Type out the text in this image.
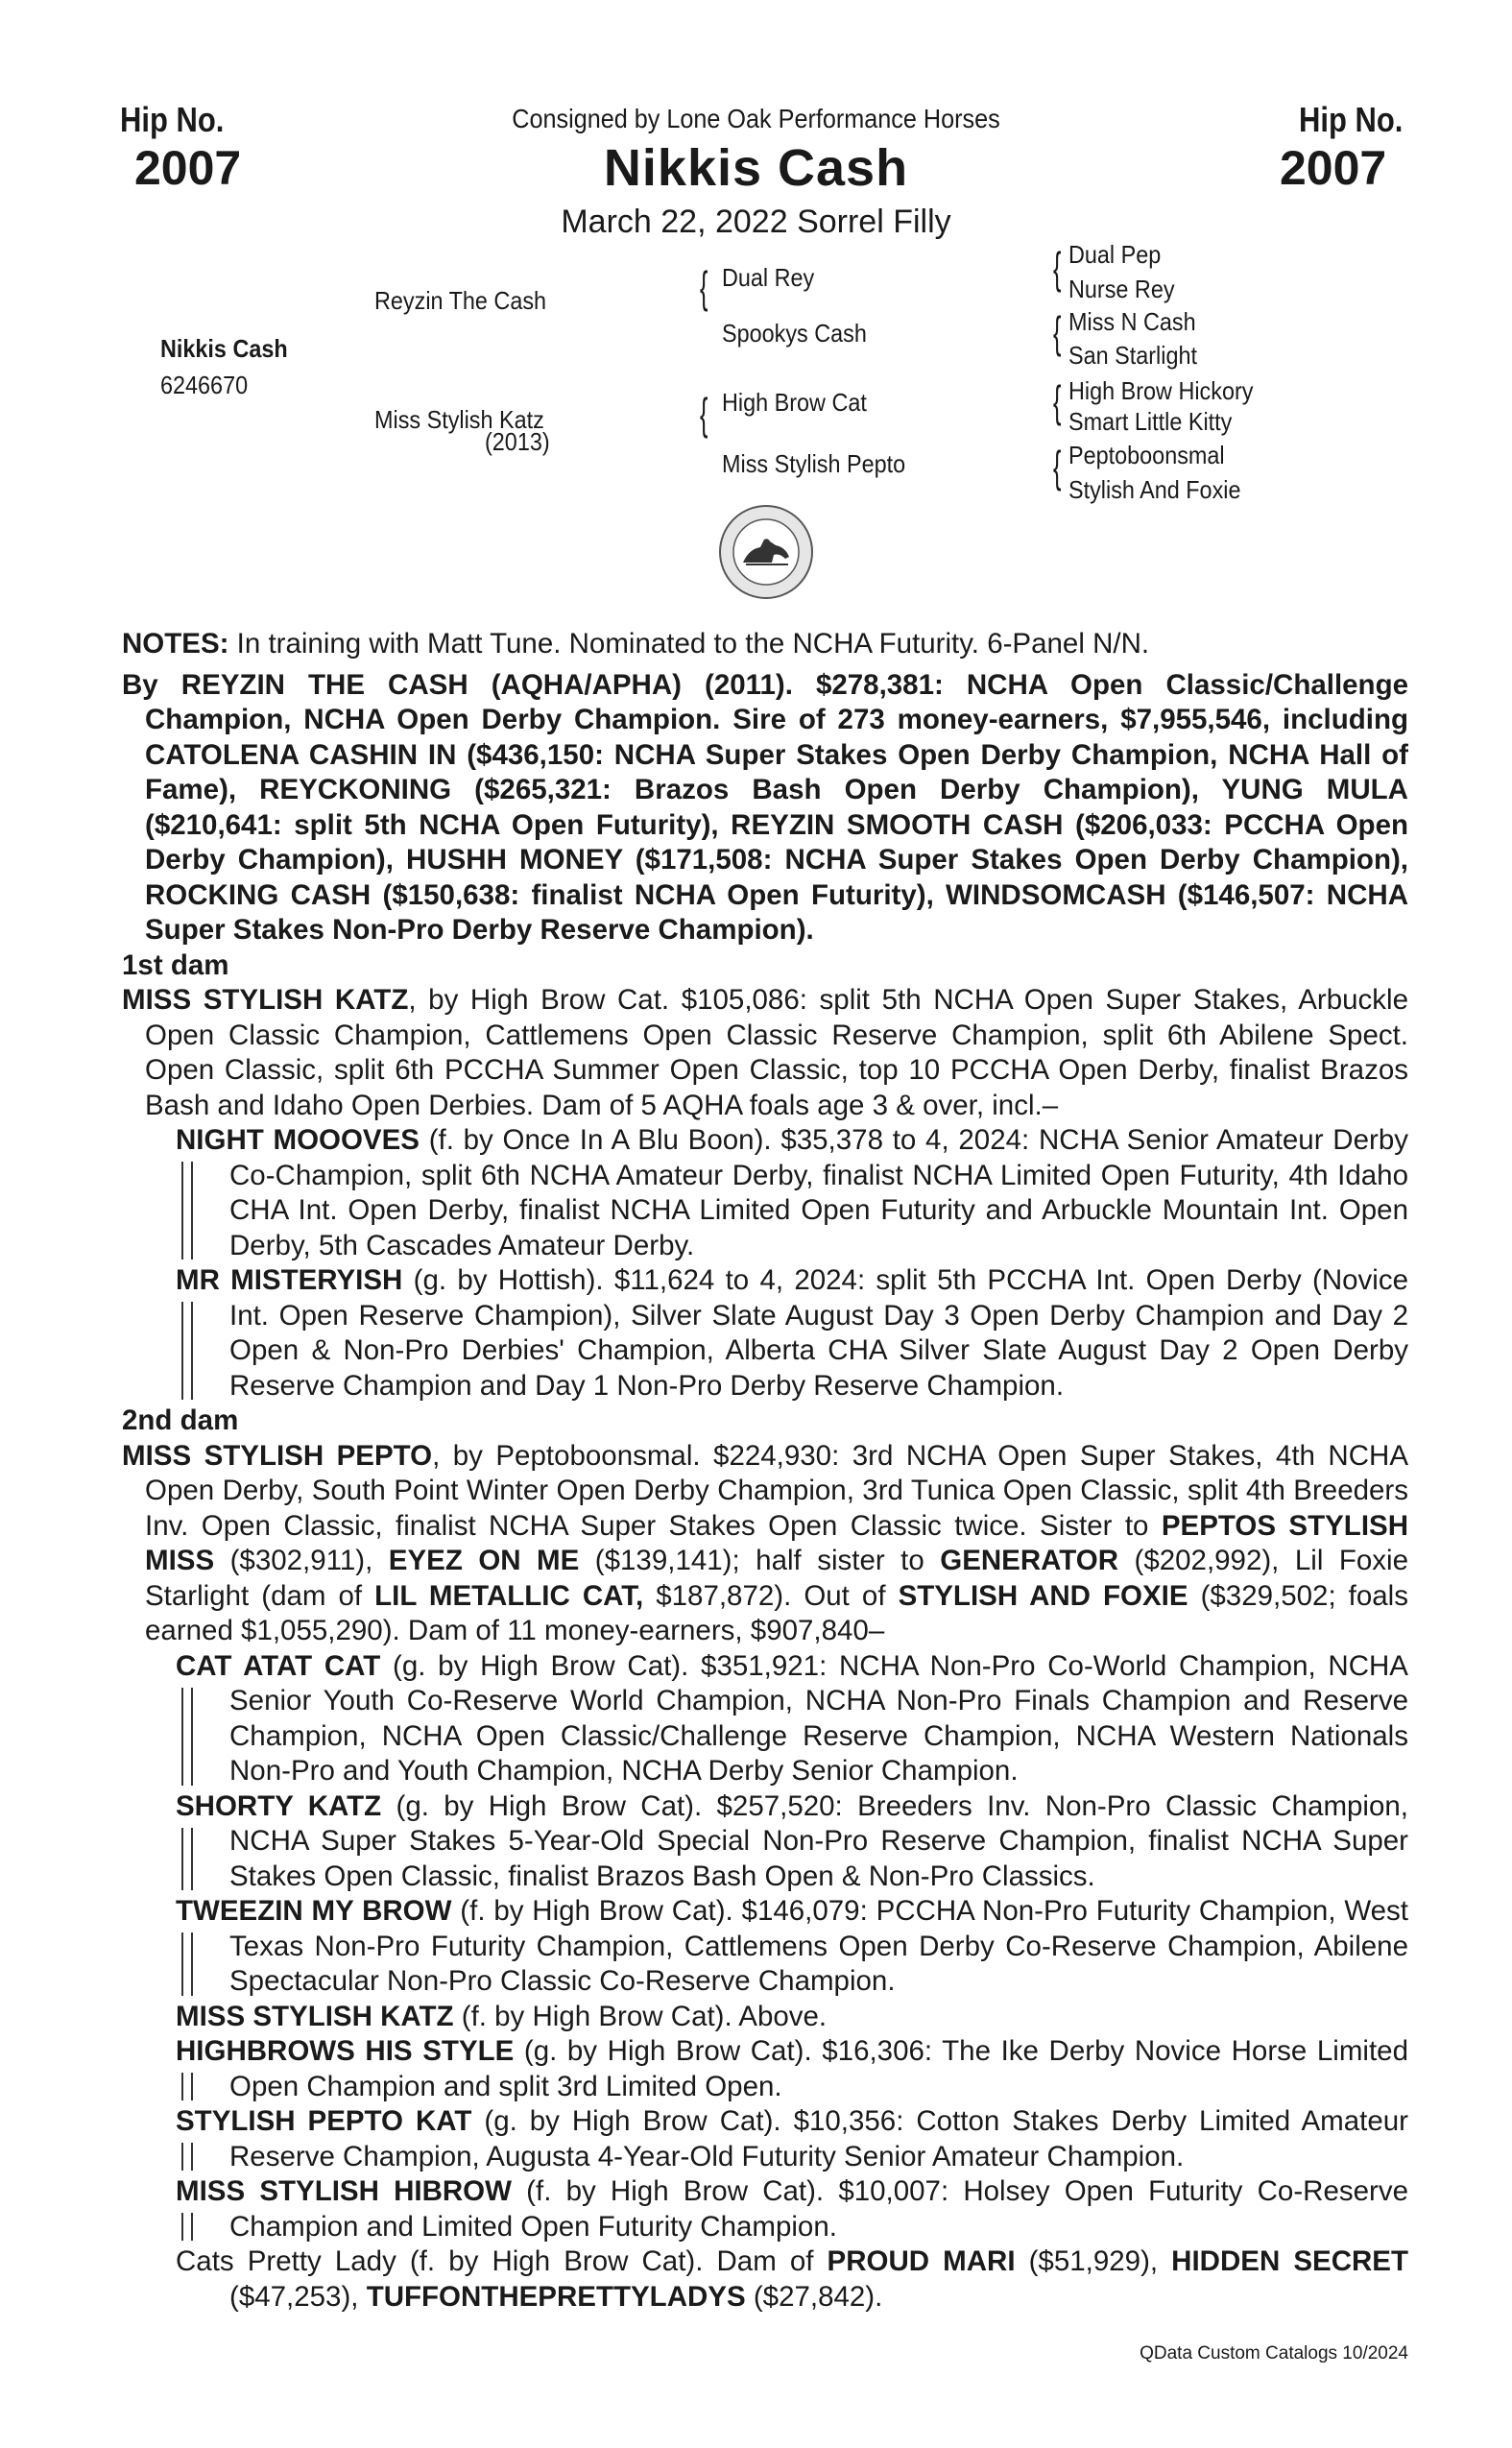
Hip No.
2007
Hip No.
2007
Consigned by Lone Oak Performance Horses
Nikkis Cash
March 22, 2022 Sorrel Filly
Nikkis Cash
6246670
Reyzin The Cash
Miss Stylish Katz
(2013)
{ Dual Rey
Spookys Cash
{ High Brow Cat
Miss Stylish Pepto
{ Dual Pep
Nurse Rey
{ Miss N Cash
San Starlight
{ High Brow Hickory
Smart Little Kitty
{ Peptoboonsmal
Stylish And Foxie

NOTES: In training with Matt Tune. Nominated to the NCHA Futurity. 6-Panel N/N.

By REYZIN THE CASH (AQHA/APHA) (2011). $278,381: NCHA Open Classic/Challenge Champion, NCHA Open Derby Champion. Sire of 273 money-earners, $7,955,546, including CATOLENA CASHIN IN ($436,150: NCHA Super Stakes Open Derby Champion, NCHA Hall of Fame), REYCKONING ($265,321: Brazos Bash Open Derby Champion), YUNG MULA ($210,641: split 5th NCHA Open Futurity), REYZIN SMOOTH CASH ($206,033: PCCHA Open Derby Champion), HUSHH MONEY ($171,508: NCHA Super Stakes Open Derby Champion), ROCKING CASH ($150,638: finalist NCHA Open Futurity), WINDSOMCASH ($146,507: NCHA Super Stakes Non-Pro Derby Reserve Champion).

1st dam

MISS STYLISH KATZ, by High Brow Cat. $105,086: split 5th NCHA Open Super Stakes, Arbuckle Open Classic Champion, Cattlemens Open Classic Reserve Champion, split 6th Abilene Spect. Open Classic, split 6th PCCHA Summer Open Classic, top 10 PCCHA Open Derby, finalist Brazos Bash and Idaho Open Derbies. Dam of 5 AQHA foals age 3 & over, incl.–

NIGHT MOOOVES (f. by Once In A Blu Boon). $35,378 to 4, 2024: NCHA Senior Amateur Derby Co-Champion, split 6th NCHA Amateur Derby, finalist NCHA Limited Open Futurity, 4th Idaho CHA Int. Open Derby, finalist NCHA Limited Open Futurity and Arbuckle Mountain Int. Open Derby, 5th Cascades Amateur Derby.

MR MISTERYISH (g. by Hottish). $11,624 to 4, 2024: split 5th PCCHA Int. Open Derby (Novice Int. Open Reserve Champion), Silver Slate August Day 3 Open Derby Champion and Day 2 Open & Non-Pro Derbies' Champion, Alberta CHA Silver Slate August Day 2 Open Derby Reserve Champion and Day 1 Non-Pro Derby Reserve Champion.

2nd dam

MISS STYLISH PEPTO, by Peptoboonsmal. $224,930: 3rd NCHA Open Super Stakes, 4th NCHA Open Derby, South Point Winter Open Derby Champion, 3rd Tunica Open Classic, split 4th Breeders Inv. Open Classic, finalist NCHA Super Stakes Open Classic twice. Sister to PEPTOS STYLISH MISS ($302,911), EYEZ ON ME ($139,141); half sister to GENERATOR ($202,992), Lil Foxie Starlight (dam of LIL METALLIC CAT, $187,872). Out of STYLISH AND FOXIE ($329,502; foals earned $1,055,290). Dam of 11 money-earners, $907,840–

CAT ATAT CAT (g. by High Brow Cat). $351,921: NCHA Non-Pro Co-World Champion, NCHA Senior Youth Co-Reserve World Champion, NCHA Non-Pro Finals Champion and Reserve Champion, NCHA Open Classic/Challenge Reserve Champion, NCHA Western Nationals Non-Pro and Youth Champion, NCHA Derby Senior Champion.

SHORTY KATZ (g. by High Brow Cat). $257,520: Breeders Inv. Non-Pro Classic Champion, NCHA Super Stakes 5-Year-Old Special Non-Pro Reserve Champion, finalist NCHA Super Stakes Open Classic, finalist Brazos Bash Open & Non-Pro Classics.

TWEEZIN MY BROW (f. by High Brow Cat). $146,079: PCCHA Non-Pro Futurity Champion, West Texas Non-Pro Futurity Champion, Cattlemens Open Derby Co-Reserve Champion, Abilene Spectacular Non-Pro Classic Co-Reserve Champion.

MISS STYLISH KATZ (f. by High Brow Cat). Above.

HIGHBROWS HIS STYLE (g. by High Brow Cat). $16,306: The Ike Derby Novice Horse Limited Open Champion and split 3rd Limited Open.

STYLISH PEPTO KAT (g. by High Brow Cat). $10,356: Cotton Stakes Derby Limited Amateur Reserve Champion, Augusta 4-Year-Old Futurity Senior Amateur Champion.

MISS STYLISH HIBROW (f. by High Brow Cat). $10,007: Holsey Open Futurity Co-Reserve Champion and Limited Open Futurity Champion.

Cats Pretty Lady (f. by High Brow Cat). Dam of PROUD MARI ($51,929), HIDDEN SECRET ($47,253), TUFFONTHEPRETTYLADYS ($27,842).

QData Custom Catalogs 10/2024
